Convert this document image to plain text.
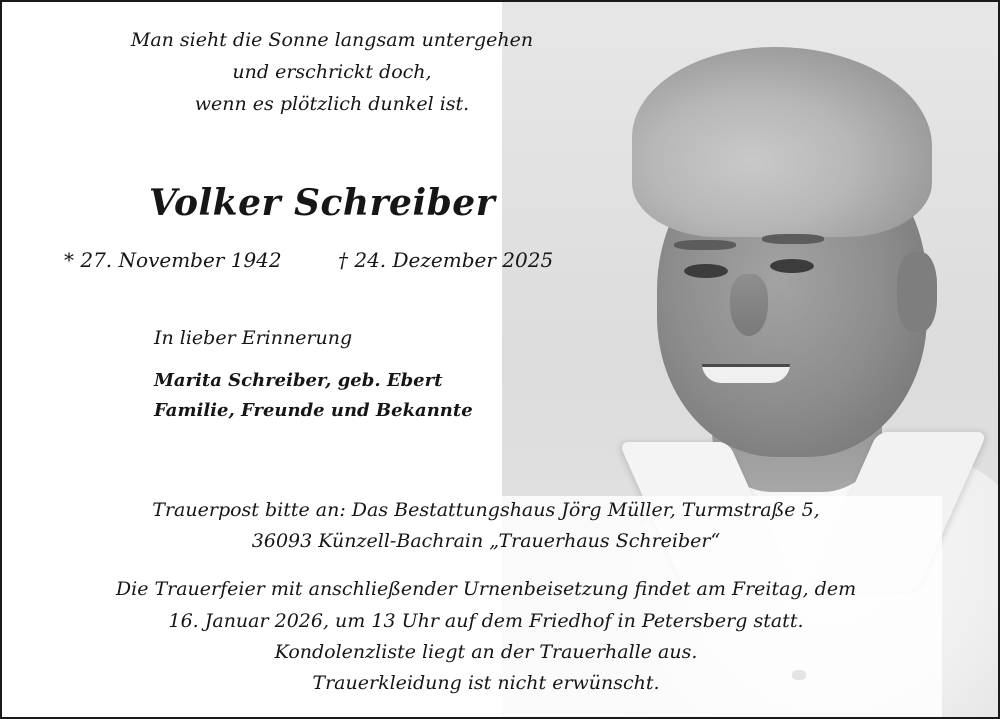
Man sieht die Sonne langsam untergehen

und erschrickt doch,

wenn es plötzlich dunkel ist.

Volker Schreiber

* 27. November 1942	† 24. Dezember 2025

In lieber Erinnerung

Marita Schreiber, geb. Ebert

Familie, Freunde und Bekannte

Trauerpost bitte an: Das Bestattungshaus Jörg Müller, Turmstraße 5,

36093 Künzell-Bachrain „Trauerhaus Schreiber“

Die Trauerfeier mit anschließender Urnenbeisetzung findet am Freitag, dem

16. Januar 2026, um 13 Uhr auf dem Friedhof in Petersberg statt.

Kondolenzliste liegt an der Trauerhalle aus.

Trauerkleidung ist nicht erwünscht.
